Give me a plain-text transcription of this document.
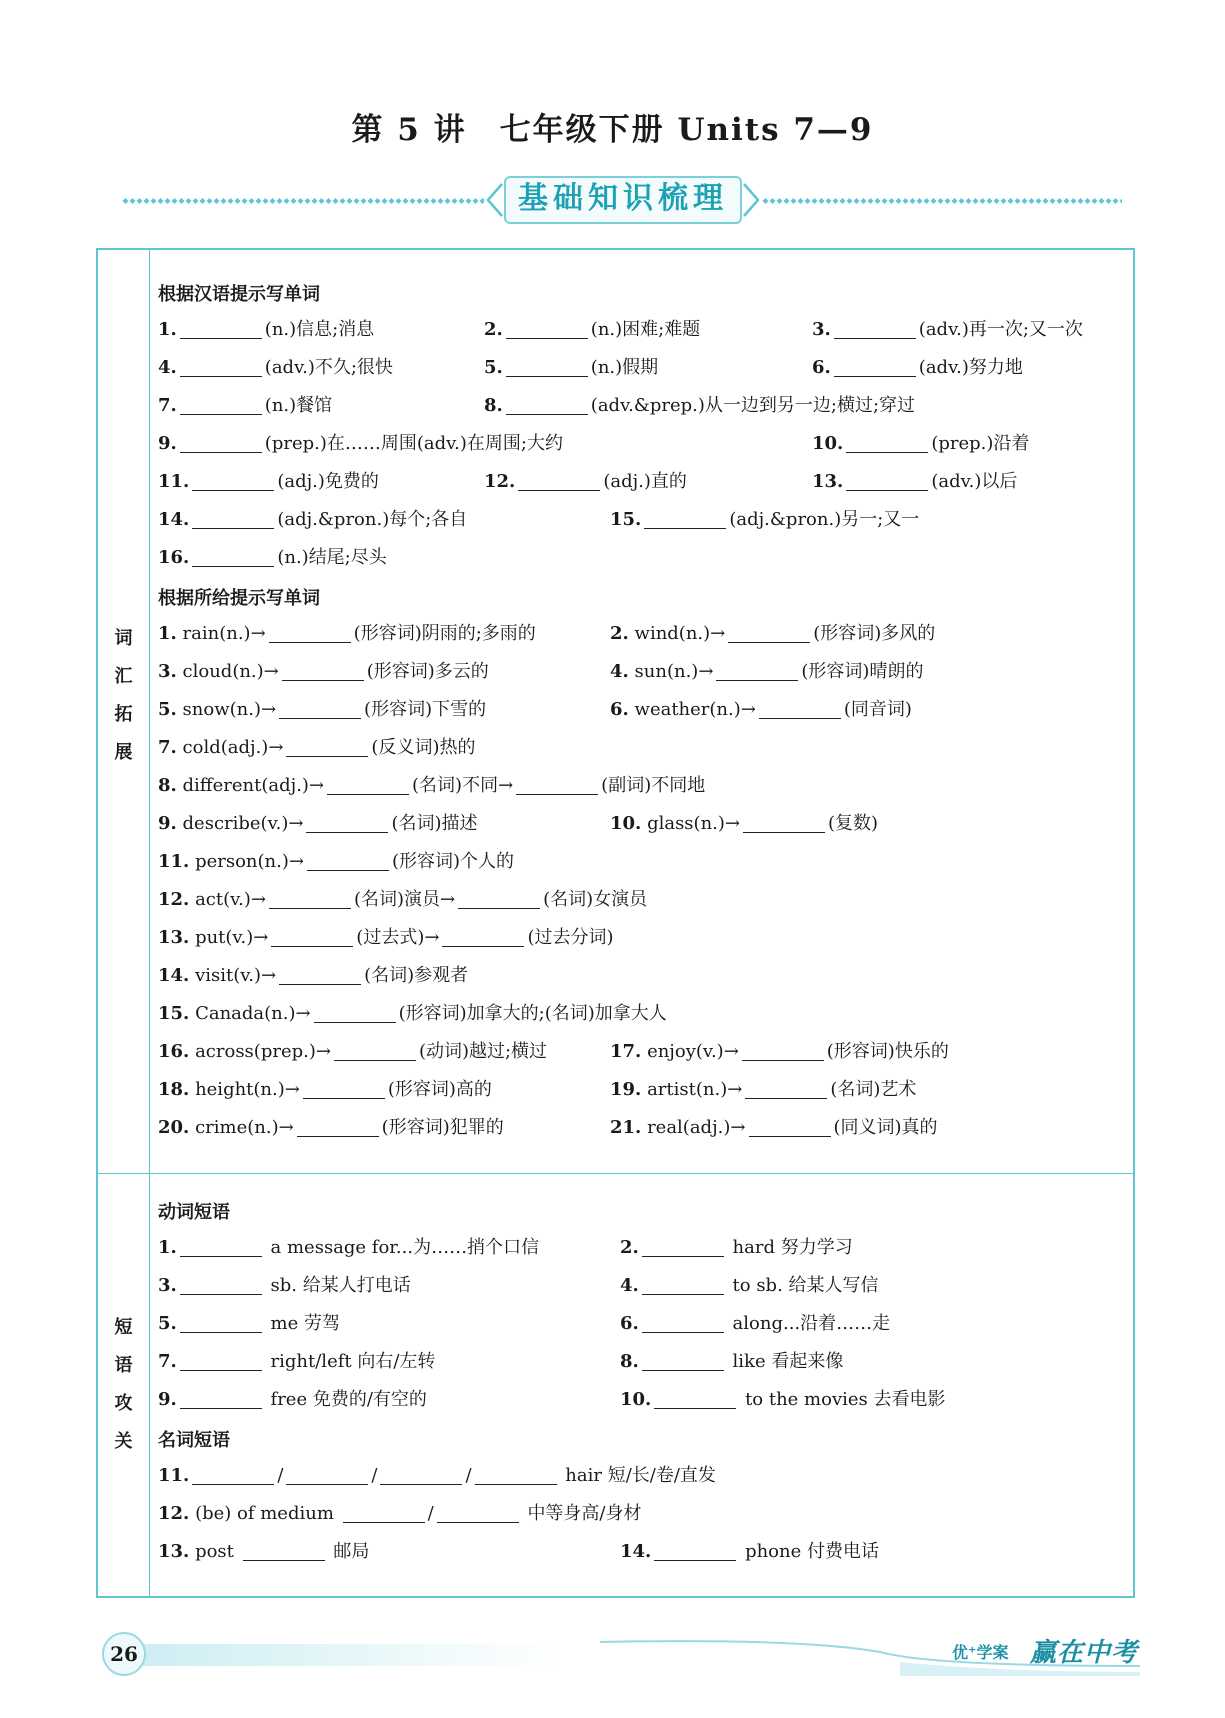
第 5 讲　七年级下册 Units 7—9
基础知识梳理
词
汇
拓
展
短
语
攻
关
根据汉语提示写单词
1.	(n.)信息;消息	2.	(n.)困难;难题	3.	(adv.)再一次;又一次
4.	(adv.)不久;很快	5.	(n.)假期	6.	(adv.)努力地
7.	(n.)餐馆	8.	(adv.&prep.)从一边到另一边;横过;穿过
9.	(prep.)在……周围(adv.)在周围;大约	10.	(prep.)沿着
11.	(adj.)免费的	12.	(adj.)直的	13.	(adv.)以后
14.	(adj.&pron.)每个;各自	15.	(adj.&pron.)另一;又一
16.	(n.)结尾;尽头
根据所给提示写单词
1. rain(n.)→	(形容词)阴雨的;多雨的	2. wind(n.)→	(形容词)多风的
3. cloud(n.)→	(形容词)多云的	4. sun(n.)→	(形容词)晴朗的
5. snow(n.)→	(形容词)下雪的	6. weather(n.)→	(同音词)
7. cold(adj.)→	(反义词)热的
8. different(adj.)→	(名词)不同→	(副词)不同地
9. describe(v.)→	(名词)描述	10. glass(n.)→	(复数)
11. person(n.)→	(形容词)个人的
12. act(v.)→	(名词)演员→	(名词)女演员
13. put(v.)→	(过去式)→	(过去分词)
14. visit(v.)→	(名词)参观者
15. Canada(n.)→	(形容词)加拿大的;(名词)加拿大人
16. across(prep.)→	(动词)越过;横过	17. enjoy(v.)→	(形容词)快乐的
18. height(n.)→	(形容词)高的	19. artist(n.)→	(名词)艺术
20. crime(n.)→	(形容词)犯罪的	21. real(adj.)→	(同义词)真的
动词短语
1.	a message for...为……捎个口信	2.	hard 努力学习
3.	sb. 给某人打电话	4.	to sb. 给某人写信
5.	me 劳驾	6.	along...沿着……走
7.	right/left 向右/左转	8.	like 看起来像
9.	free 免费的/有空的	10.	to the movies 去看电影
名词短语
11.	/	/	/	hair 短/长/卷/直发
12. (be) of medium	/	中等身高/身材
13. post	邮局	14.	phone 付费电话
26	优⁺学案 赢在中考
